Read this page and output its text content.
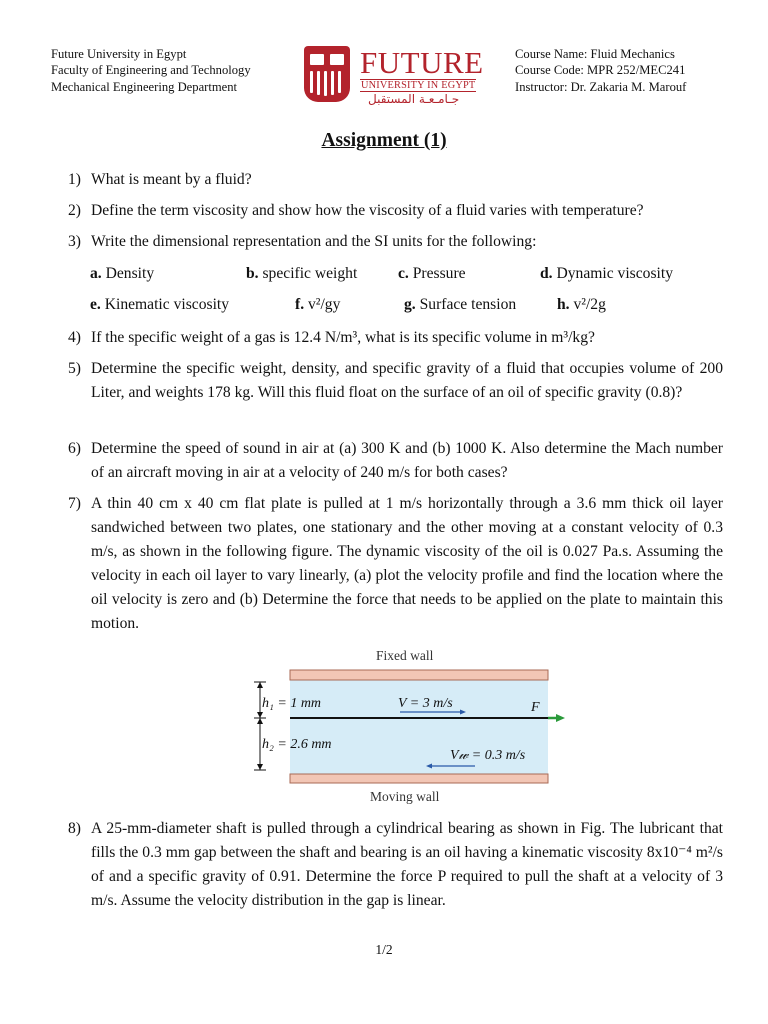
Future University in Egypt
Faculty of Engineering and Technology
Mechanical Engineering Department
FUTURE
UNIVERSITY IN EGYPT
جـامـعـة المستقبل
Course Name: Fluid Mechanics
Course Code: MPR 252/MEC241
Instructor: Dr. Zakaria M. Marouf
Assignment (1)
1) What is meant by a fluid?
2) Define the term viscosity and show how the viscosity of a fluid varies with temperature?
3) Write the dimensional representation and the SI units for the following:
a. Density	b. specific weight	c. Pressure	d. Dynamic viscosity
e. Kinematic viscosity	f. v²/gy	g. Surface tension	h. v²/2g
4) If the specific weight of a gas is 12.4 N/m³, what is its specific volume in m³/kg?
5) Determine the specific weight, density, and specific gravity of a fluid that occupies volume of 200 Liter, and weights 178 kg. Will this fluid float on the surface of an oil of specific gravity (0.8)?
6) Determine the speed of sound in air at (a) 300 K and (b) 1000 K. Also determine the Mach number of an aircraft moving in air at a velocity of 240 m/s for both cases?
7) A thin 40 cm x 40 cm flat plate is pulled at 1 m/s horizontally through a 3.6 mm thick oil layer sandwiched between two plates, one stationary and the other moving at a constant velocity of 0.3 m/s, as shown in the following figure. The dynamic viscosity of the oil is 0.027 Pa.s. Assuming the velocity in each oil layer to vary linearly, (a) plot the velocity profile and find the location where the oil velocity is zero and (b) Determine the force that needs to be applied on the plate to maintain this motion.
Fixed wall
h₁ = 1 mm
h₂ = 2.6 mm
V = 3 m/s	F
V𝓌 = 0.3 m/s
Moving wall
8) A 25-mm-diameter shaft is pulled through a cylindrical bearing as shown in Fig. The lubricant that fills the 0.3 mm gap between the shaft and bearing is an oil having a kinematic viscosity 8x10⁻⁴ m²/s of and a specific gravity of 0.91. Determine the force P required to pull the shaft at a velocity of 3 m/s. Assume the velocity distribution in the gap is linear.
1/2
